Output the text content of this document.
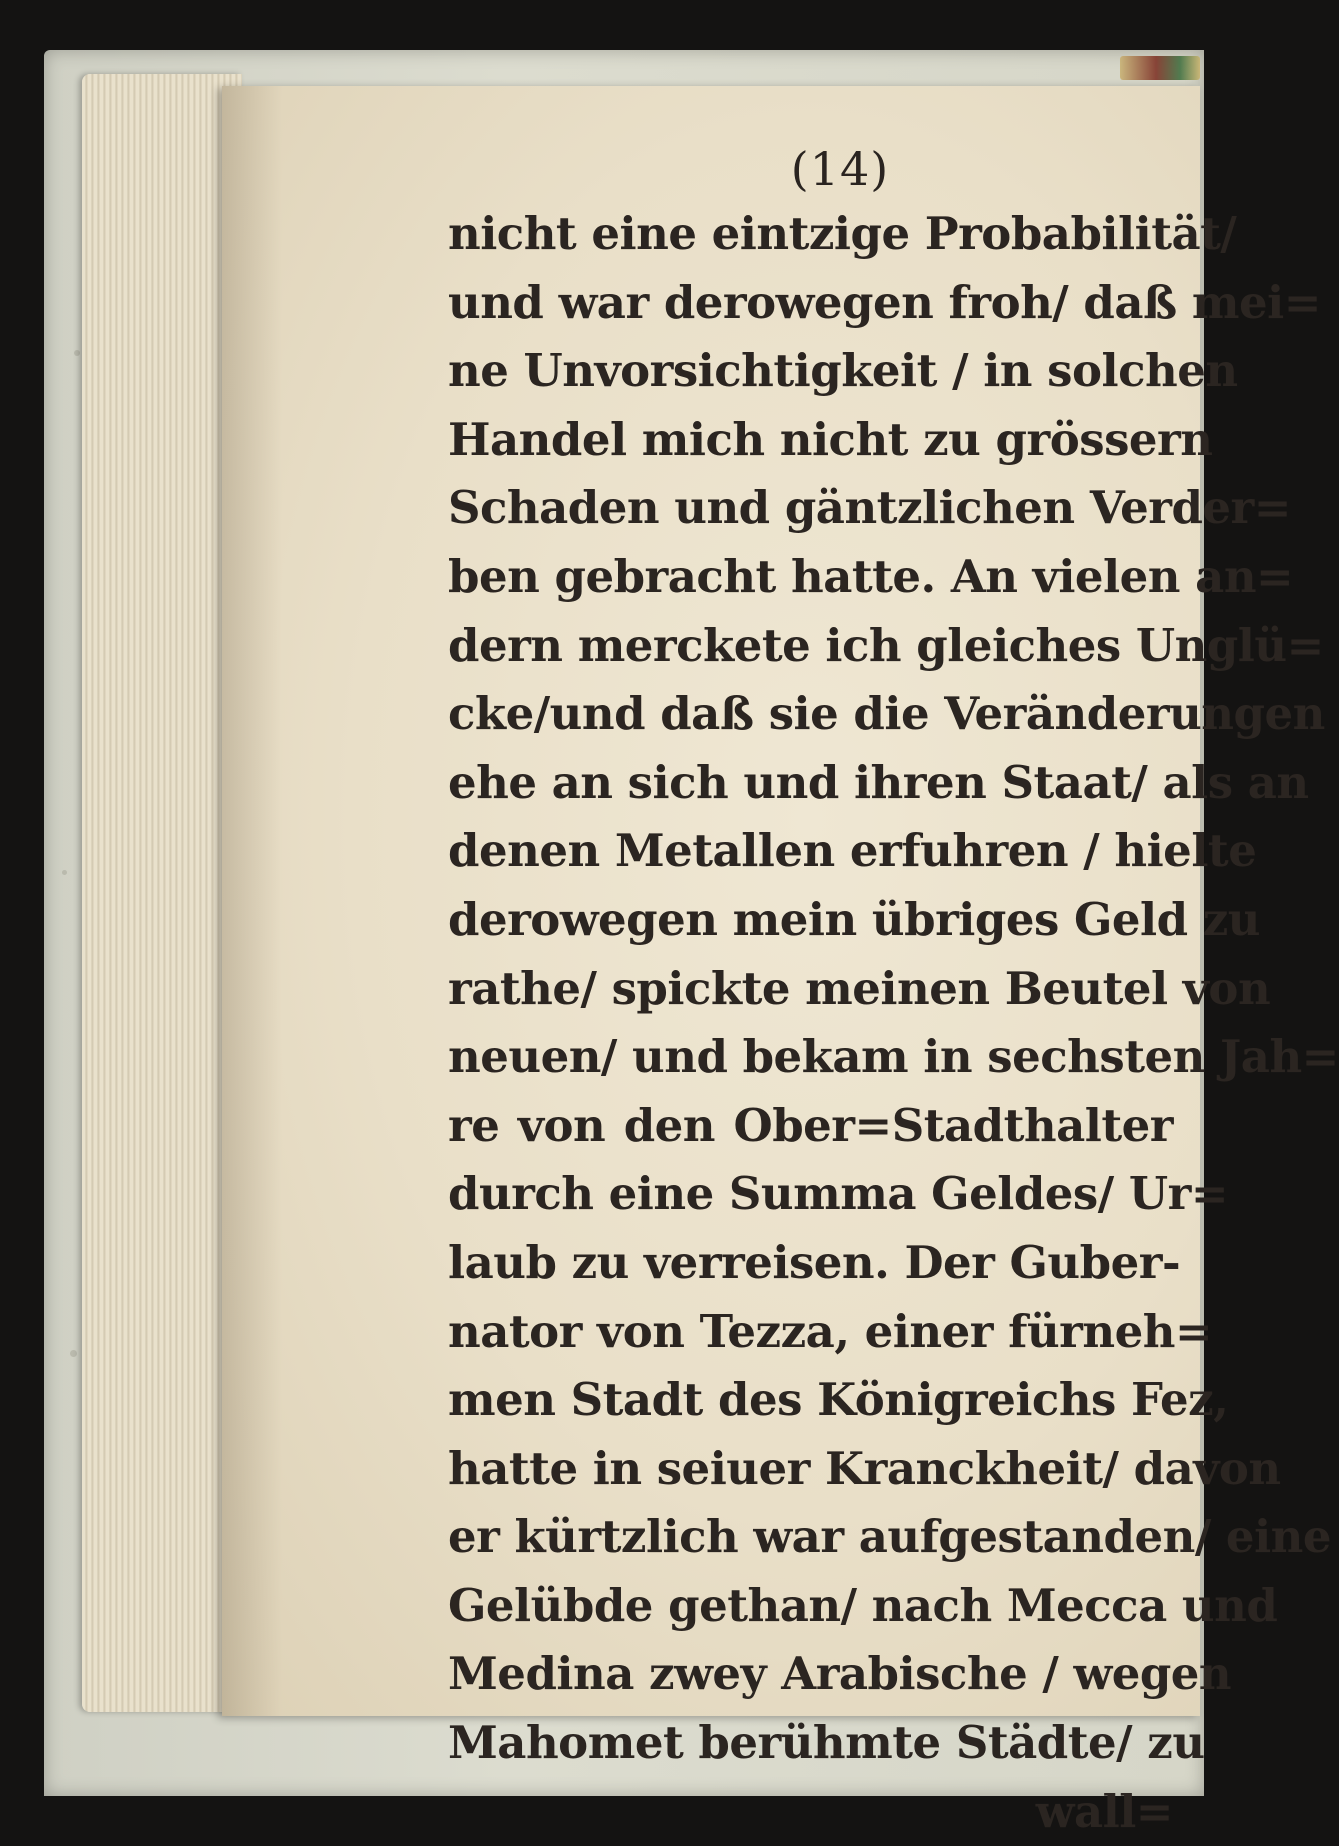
(14)
nicht eine eintzige Probabilität/
und war derowegen froh/ daß mei=
ne Unvorsichtigkeit / in solchen
Handel mich nicht zu grössern
Schaden und gäntzlichen Verder=
ben gebracht hatte. An vielen an=
dern merckete ich gleiches Unglü=
cke/und daß sie die Veränderungen
ehe an sich und ihren Staat/ als an
denen Metallen erfuhren / hielte
derowegen mein übriges Geld zu
rathe/ spickte meinen Beutel von
neuen/ und bekam in sechsten Jah=
re von den Ober=Stadthalter
durch eine Summa Geldes/ Ur=
laub zu verreisen. Der Guber-
nator von Tezza, einer fürneh=
men Stadt des Königreichs Fez,
hatte in seiuer Kranckheit/ davon
er kürtzlich war aufgestanden/ eine
Gelübde gethan/ nach Mecca und
Medina zwey Arabische / wegen
Mahomet berühmte Städte/ zu
wall=
